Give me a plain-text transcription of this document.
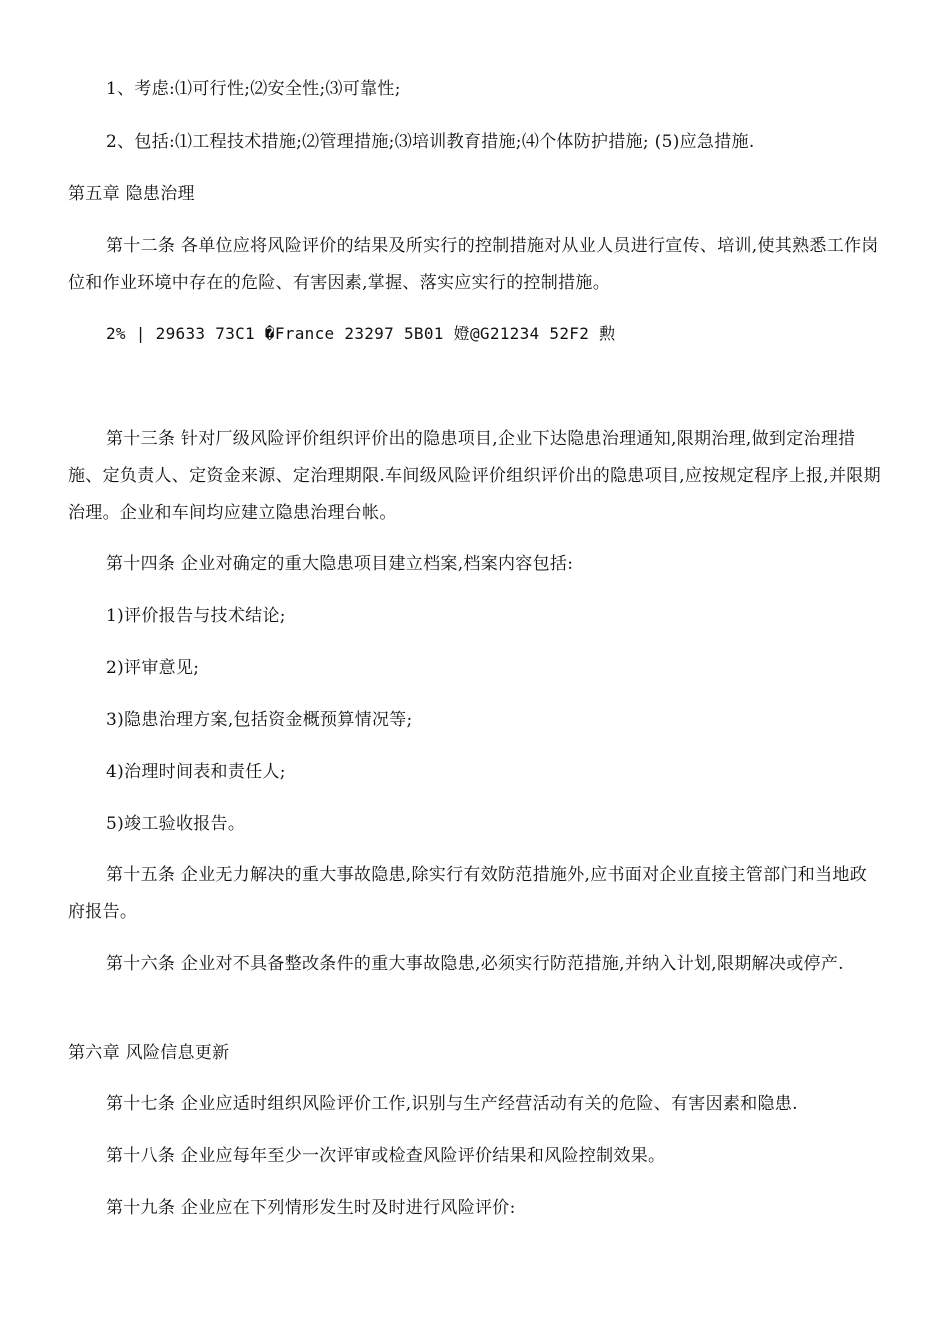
1、考虑:⑴可行性;⑵安全性;⑶可靠性;
2、包括:⑴工程技术措施;⑵管理措施;⑶培训教育措施;⑷个体防护措施; (5)应急措施.
第五章 隐患治理
第十二条 各单位应将风险评价的结果及所实行的控制措施对从业人员进行宣传、培训,使其熟悉工作岗位和作业环境中存在的危险、有害因素,掌握、落实应实行的控制措施。
2% | 29633 73C1 �France 23297 5B01 嬁@G21234 52F2 勲
第十三条 针对厂级风险评价组织评价出的隐患项目,企业下达隐患治理通知,限期治理,做到定治理措施、定负责人、定资金来源、定治理期限.车间级风险评价组织评价出的隐患项目,应按规定程序上报,并限期治理。企业和车间均应建立隐患治理台帐。
第十四条 企业对确定的重大隐患项目建立档案,档案内容包括:
1)评价报告与技术结论;
2)评审意见;
3)隐患治理方案,包括资金概预算情况等;
4)治理时间表和责任人;
5)竣工验收报告。
第十五条 企业无力解决的重大事故隐患,除实行有效防范措施外,应书面对企业直接主管部门和当地政府报告。
第十六条 企业对不具备整改条件的重大事故隐患,必须实行防范措施,并纳入计划,限期解决或停产.
第六章 风险信息更新
第十七条 企业应适时组织风险评价工作,识别与生产经营活动有关的危险、有害因素和隐患.
第十八条 企业应每年至少一次评审或检查风险评价结果和风险控制效果。
第十九条 企业应在下列情形发生时及时进行风险评价:
